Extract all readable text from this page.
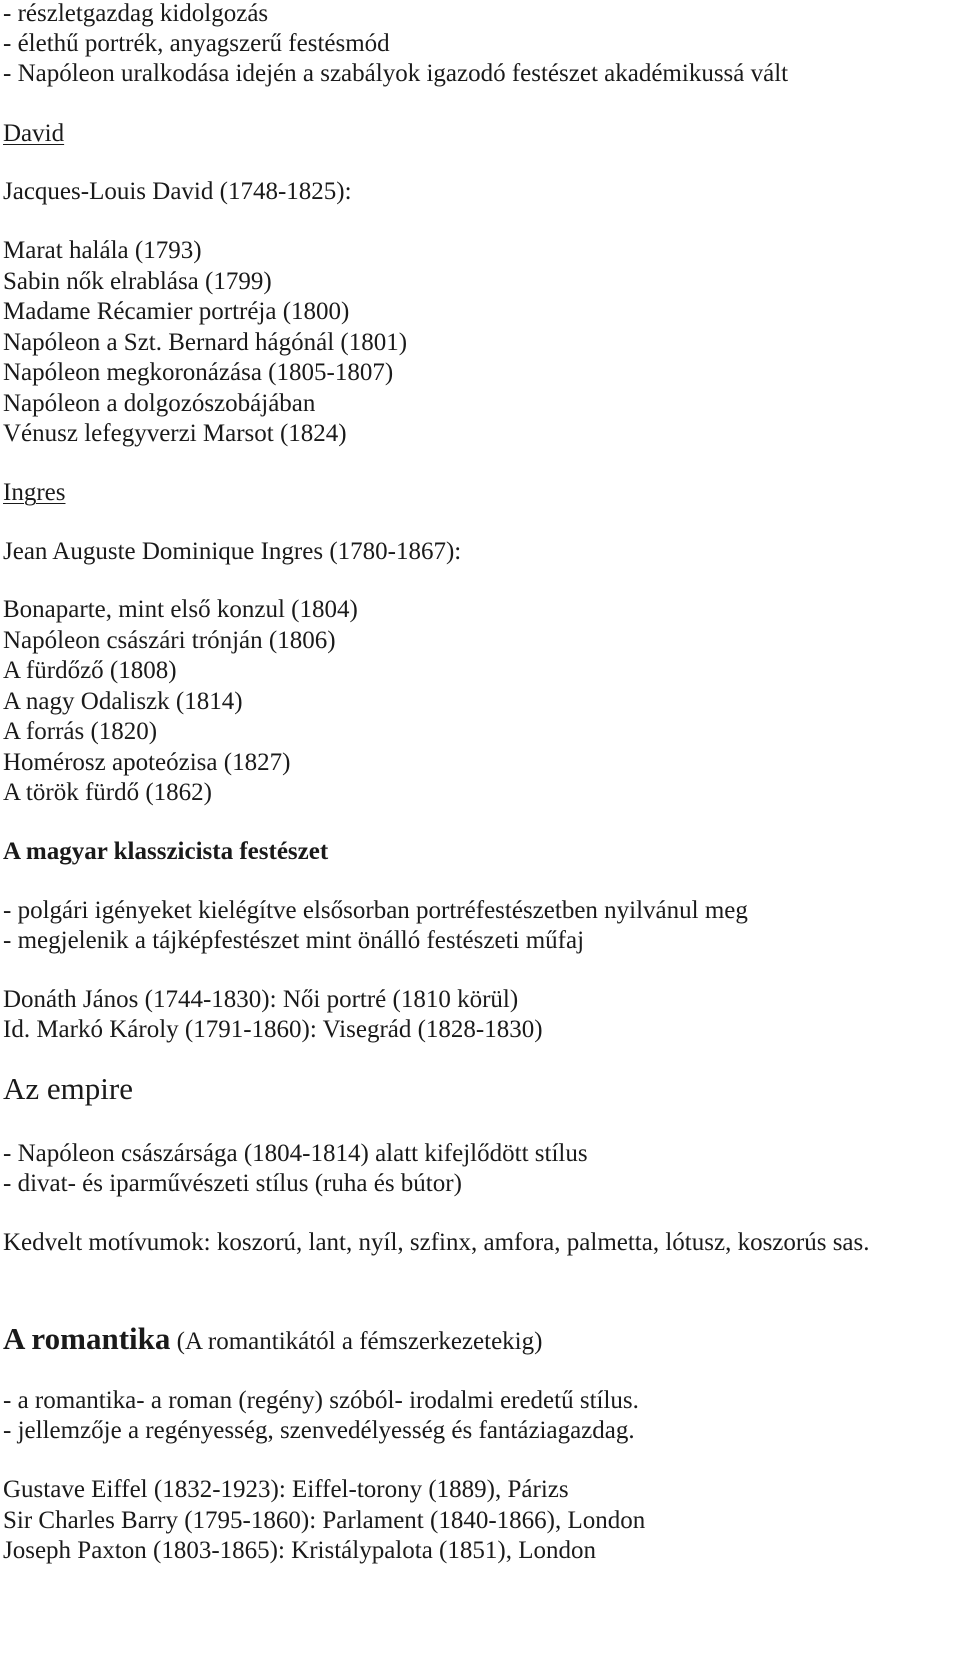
- részletgazdag kidolgozás
- élethű portrék, anyagszerű festésmód
- Napóleon uralkodása idején a szabályok igazodó festészet akadémikussá vált
David
Jacques-Louis David (1748-1825):
Marat halála (1793)
Sabin nők elrablása (1799)
Madame Récamier portréja (1800)
Napóleon a Szt. Bernard hágónál (1801)
Napóleon megkoronázása (1805-1807)
Napóleon a dolgozószobájában
Vénusz lefegyverzi Marsot (1824)
Ingres
Jean Auguste Dominique Ingres (1780-1867):
Bonaparte, mint első konzul (1804)
Napóleon császári trónján (1806)
A fürdőző (1808)
A nagy Odaliszk (1814)
A forrás (1820)
Homérosz apoteózisa (1827)
A török fürdő (1862)
A magyar klasszicista festészet
- polgári igényeket kielégítve elsősorban portréfestészetben nyilvánul meg
- megjelenik a tájképfestészet mint önálló festészeti műfaj
Donáth János (1744-1830): Női portré (1810 körül)
Id. Markó Károly (1791-1860): Visegrád (1828-1830)
Az empire
- Napóleon császársága (1804-1814) alatt kifejlődött stílus
- divat- és iparművészeti stílus (ruha és bútor)
Kedvelt motívumok: koszorú, lant, nyíl, szfinx, amfora, palmetta, lótusz, koszorús sas.
A romantika (A romantikától a fémszerkezetekig)
- a romantika- a roman (regény) szóból- irodalmi eredetű stílus.
- jellemzője a regényesség, szenvedélyesség és fantáziagazdag.
Gustave Eiffel (1832-1923): Eiffel-torony (1889), Párizs
Sir Charles Barry (1795-1860): Parlament (1840-1866), London
Joseph Paxton (1803-1865): Kristálypalota (1851), London
